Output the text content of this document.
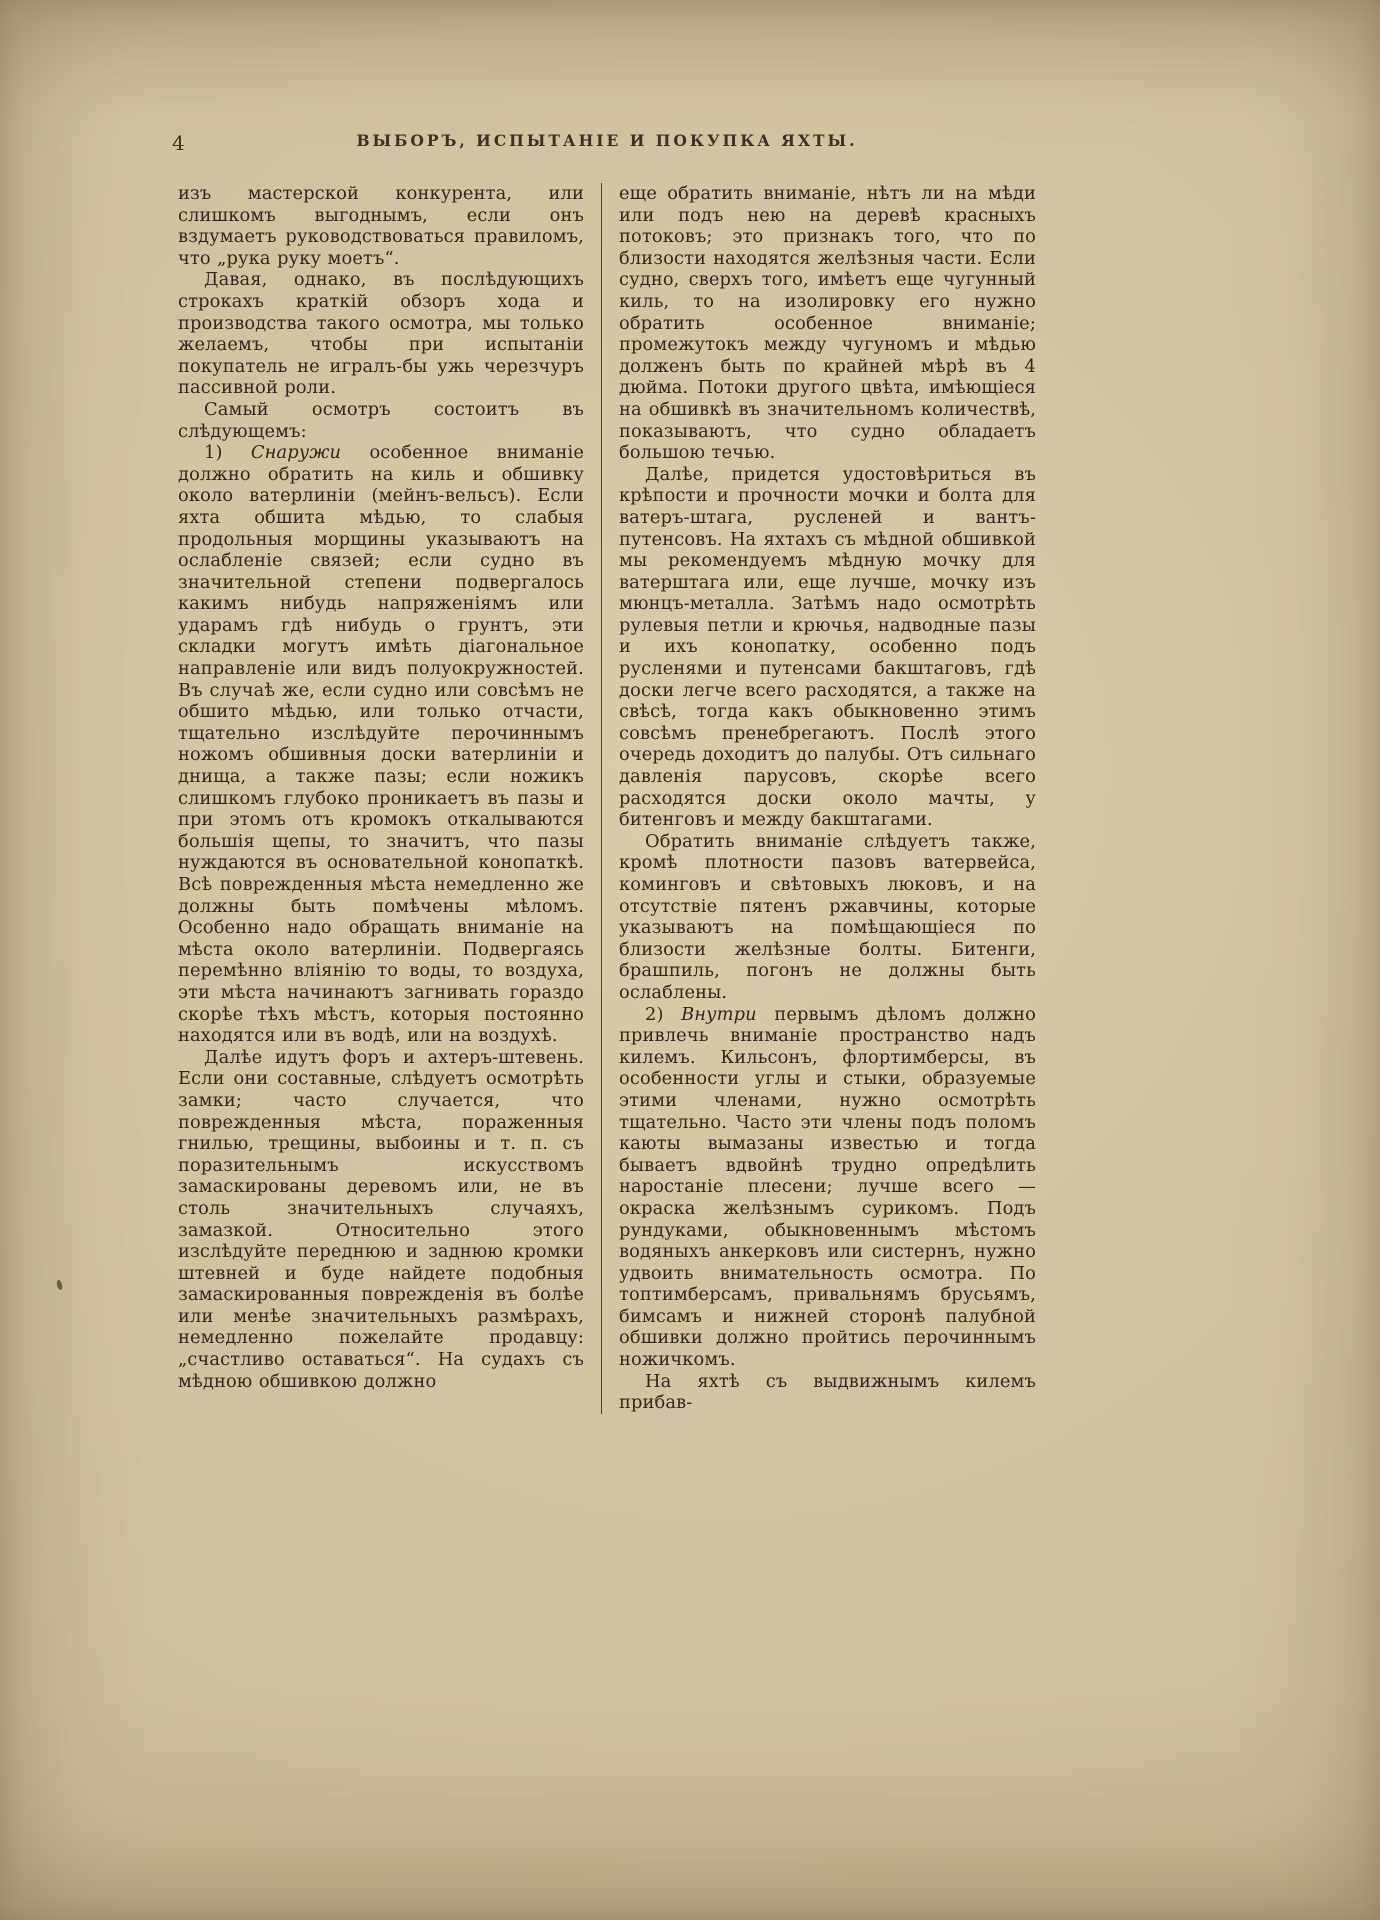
4	ВЫБОРЪ, ИСПЫТАНІЕ И ПОКУПКА ЯХТЫ.

изъ мастерской конкурента, или слишкомъ выгоднымъ, если онъ вздумаетъ руководствоваться правиломъ, что „рука руку моетъ“.

Давая, однако, въ послѣдующихъ строкахъ краткій обзоръ хода и производства такого осмотра, мы только желаемъ, чтобы при испытаніи покупатель не игралъ-бы ужь черезчуръ пассивной роли.

Самый осмотръ состоитъ въ слѣдующемъ:

1) Снаружи особенное вниманіе должно обратить на киль и обшивку около ватерлиніи (мейнъ-вельсъ). Если яхта обшита мѣдью, то слабыя продольныя морщины указываютъ на ослабленіе связей; если судно въ значительной степени подвергалось какимъ нибудь напряженіямъ или ударамъ гдѣ нибудь о грунтъ, эти складки могутъ имѣть діагональное направленіе или видъ полуокружностей. Въ случаѣ же, если судно или совсѣмъ не обшито мѣдью, или только отчасти, тщательно изслѣдуйте перочиннымъ ножомъ обшивныя доски ватерлиніи и днища, а также пазы; если ножикъ слишкомъ глубоко проникаетъ въ пазы и при этомъ отъ кромокъ откалываются большія щепы, то значитъ, что пазы нуждаются въ основательной конопаткѣ. Всѣ поврежденныя мѣста немедленно же должны быть помѣчены мѣломъ. Особенно надо обращать вниманіе на мѣста около ватерлиніи. Подвергаясь перемѣнно вліянію то воды, то воздуха, эти мѣста начинаютъ загнивать гораздо скорѣе тѣхъ мѣстъ, которыя постоянно находятся или въ водѣ, или на воздухѣ.

Далѣе идутъ форъ и ахтеръ-штевень. Если они составные, слѣдуетъ осмотрѣть замки; часто случается, что поврежденныя мѣста, пораженныя гнилью, трещины, выбоины и т. п. съ поразительнымъ искусствомъ замаскированы деревомъ или, не въ столь значительныхъ случаяхъ, замазкой. Относительно этого изслѣдуйте переднюю и заднюю кромки штевней и буде найдете подобныя замаскированныя поврежденія въ болѣе или менѣе значительныхъ размѣрахъ, немедленно пожелайте продавцу: „счастливо оставаться“. На судахъ съ мѣдною обшивкою должно

еще обратить вниманіе, нѣтъ ли на мѣди или подъ нею на деревѣ красныхъ потоковъ; это признакъ того, что по близости находятся желѣзныя части. Если судно, сверхъ того, имѣетъ еще чугунный киль, то на изолировку его нужно обратить особенное вниманіе; промежутокъ между чугуномъ и мѣдью долженъ быть по крайней мѣрѣ въ 4 дюйма. Потоки другого цвѣта, имѣющіеся на обшивкѣ въ значительномъ количествѣ, показываютъ, что судно обладаетъ большою течью.

Далѣе, придется удостовѣриться въ крѣпости и прочности мочки и болта для ватеръ-штага, русленей и вантъ-путенсовъ. На яхтахъ съ мѣдной обшивкой мы рекомендуемъ мѣдную мочку для ватерштага или, еще лучше, мочку изъ мюнцъ-металла. Затѣмъ надо осмотрѣть рулевыя петли и крючья, надводные пазы и ихъ конопатку, особенно подъ русленями и путенсами бакштаговъ, гдѣ доски легче всего расходятся, а также на свѣсѣ, тогда какъ обыкновенно этимъ совсѣмъ пренебрегаютъ. Послѣ этого очередь доходитъ до палубы. Отъ сильнаго давленія парусовъ, скорѣе всего расходятся доски около мачты, у битенговъ и между бакштагами.

Обратить вниманіе слѣдуетъ также, кромѣ плотности пазовъ ватервейса, коминговъ и свѣтовыхъ люковъ, и на отсутствіе пятенъ ржавчины, которые указываютъ на помѣщающіеся по близости желѣзные болты. Битенги, брашпиль, погонъ не должны быть ослаблены.

2) Внутри первымъ дѣломъ должно привлечь вниманіе пространство надъ килемъ. Кильсонъ, флортимберсы, въ особенности углы и стыки, образуемые этими членами, нужно осмотрѣть тщательно. Часто эти члены подъ поломъ каюты вымазаны известью и тогда бываетъ вдвойнѣ трудно опредѣлить наростаніе плесени; лучше всего — окраска желѣзнымъ сурикомъ. Подъ рундуками, обыкновеннымъ мѣстомъ водяныхъ анкерковъ или систернъ, нужно удвоить внимательность осмотра. По топтимберсамъ, привальнямъ брусьямъ, бимсамъ и нижней сторонѣ палубной обшивки должно пройтись перочиннымъ ножичкомъ.

На яхтѣ съ выдвижнымъ килемъ прибав-
